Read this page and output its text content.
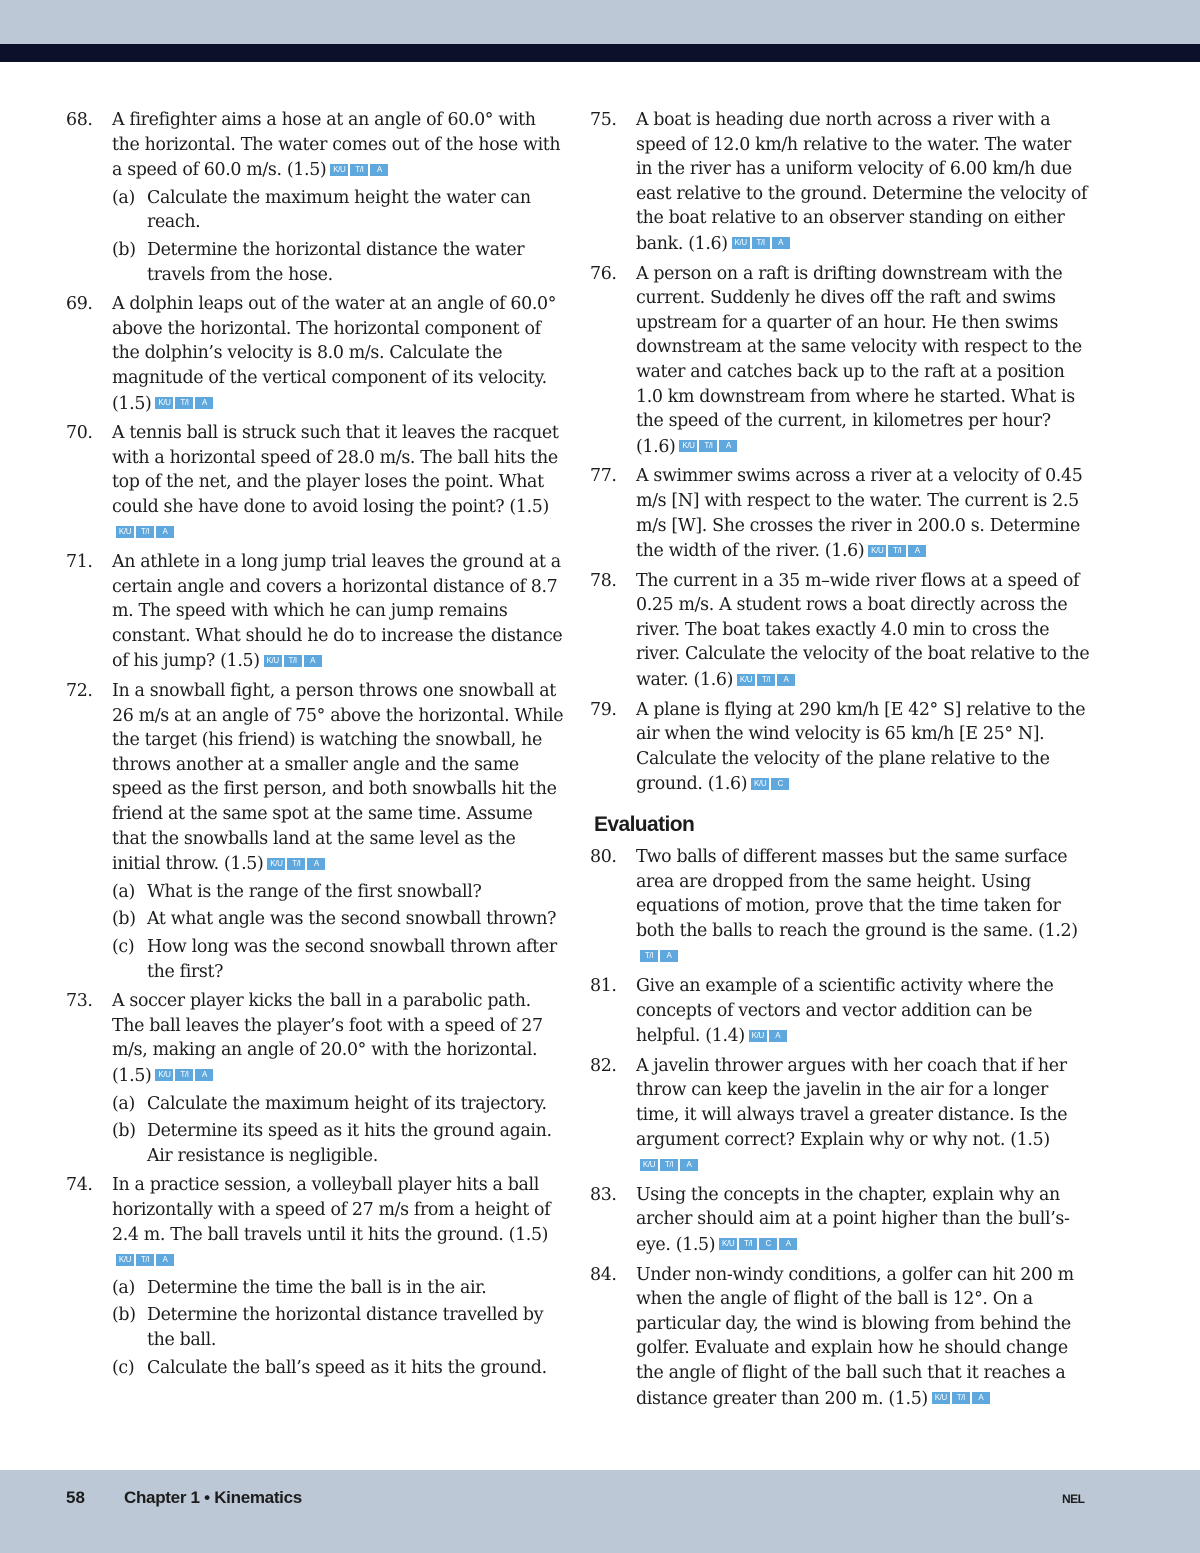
68. A firefighter aims a hose at an angle of 60.0° with the horizontal. The water comes out of the hose with a speed of 60.0 m/s. (1.5) K/U T/I A
(a) Calculate the maximum height the water can reach.
(b) Determine the horizontal distance the water travels from the hose.
69. A dolphin leaps out of the water at an angle of 60.0° above the horizontal. The horizontal component of the dolphin’s velocity is 8.0 m/s. Calculate the magnitude of the vertical component of its velocity. (1.5) K/U T/I A
70. A tennis ball is struck such that it leaves the racquet with a horizontal speed of 28.0 m/s. The ball hits the top of the net, and the player loses the point. What could she have done to avoid losing the point? (1.5)K/U T/I A
71. An athlete in a long jump trial leaves the ground at a certain angle and covers a horizontal distance of 8.7 m. The speed with which he can jump remains constant. What should he do to increase the distance of his jump? (1.5) K/U T/I A
72. In a snowball fight, a person throws one snowball at 26 m/s at an angle of 75° above the horizontal. While the target (his friend) is watching the snowball, he throws another at a smaller angle and the same speed as the first person, and both snowballs hit the friend at the same spot at the same time. Assume that the snowballs land at the same level as the initial throw. (1.5) K/U T/I A
(a) What is the range of the first snowball?
(b) At what angle was the second snowball thrown?
(c) How long was the second snowball thrown after the first?
73. A soccer player kicks the ball in a parabolic path. The ball leaves the player’s foot with a speed of 27 m/s, making an angle of 20.0° with the horizontal. (1.5) K/U T/I A
(a) Calculate the maximum height of its trajectory.
(b) Determine its speed as it hits the ground again. Air resistance is negligible.
74. In a practice session, a volleyball player hits a ball horizontally with a speed of 27 m/s from a height of 2.4 m. The ball travels until it hits the ground. (1.5)K/U T/I A
(a) Determine the time the ball is in the air.
(b) Determine the horizontal distance travelled by the ball.
(c) Calculate the ball’s speed as it hits the ground.
75. A boat is heading due north across a river with a speed of 12.0 km/h relative to the water. The water in the river has a uniform velocity of 6.00 km/h due east relative to the ground. Determine the velocity of the boat relative to an observer standing on either bank. (1.6) K/U T/I A
76. A person on a raft is drifting downstream with the current. Suddenly he dives off the raft and swims upstream for a quarter of an hour. He then swims downstream at the same velocity with respect to the water and catches back up to the raft at a position 1.0 km downstream from where he started. What is the speed of the current, in kilometres per hour? (1.6) K/U T/I A
77. A swimmer swims across a river at a velocity of 0.45 m/s [N] with respect to the water. The current is 2.5 m/s [W]. She crosses the river in 200.0 s. Determine the width of the river. (1.6) K/U T/I A
78. The current in a 35 m–wide river flows at a speed of 0.25 m/s. A student rows a boat directly across the river. The boat takes exactly 4.0 min to cross the river. Calculate the velocity of the boat relative to the water. (1.6) K/U T/I A
79. A plane is flying at 290 km/h [E 42° S] relative to the air when the wind velocity is 65 km/h [E 25° N]. Calculate the velocity of the plane relative to the ground. (1.6) K/U C
Evaluation
80. Two balls of different masses but the same surface area are dropped from the same height. Using equations of motion, prove that the time taken for both the balls to reach the ground is the same. (1.2)T/I A
81. Give an example of a scientific activity where the concepts of vectors and vector addition can be helpful. (1.4) K/U A
82. A javelin thrower argues with her coach that if her throw can keep the javelin in the air for a longer time, it will always travel a greater distance. Is the argument correct? Explain why or why not. (1.5)K/U T/I A
83. Using the concepts in the chapter, explain why an archer should aim at a point higher than the bull’s-eye. (1.5) K/U T/I C A
84. Under non-windy conditions, a golfer can hit 200 m when the angle of flight of the ball is 12°. On a particular day, the wind is blowing from behind the golfer. Evaluate and explain how he should change the angle of flight of the ball such that it reaches a distance greater than 200 m. (1.5) K/U T/I A
58 Chapter 1 • Kinematics	NEL
